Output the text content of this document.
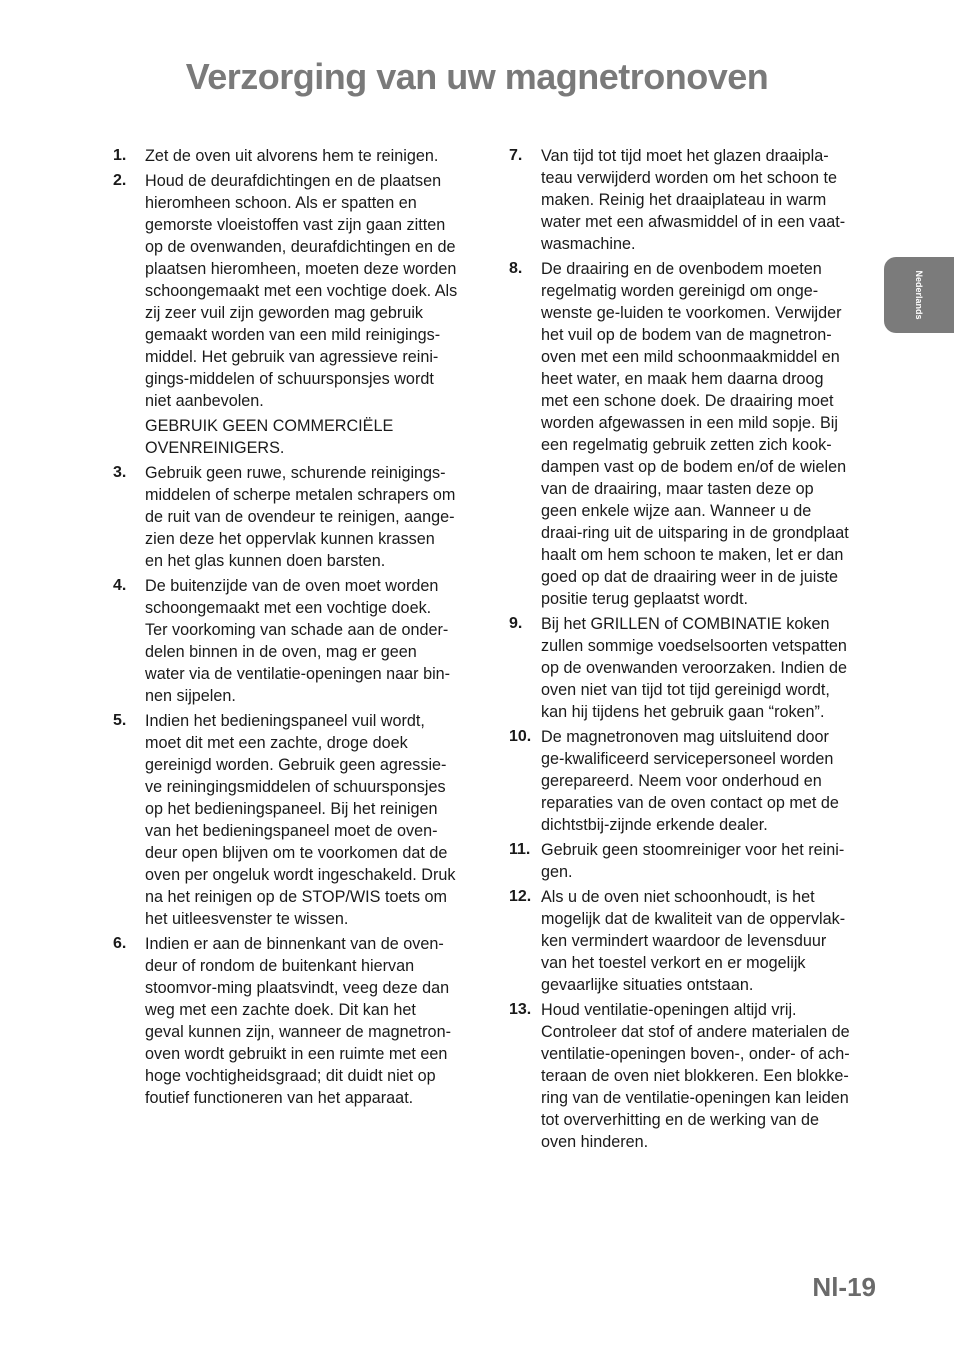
Verzorging van uw magnetronoven
1.	Zet de oven uit alvorens hem te reinigen.
2.	Houd de deurafdichtingen en de plaatsen
hieromheen schoon. Als er spatten en
gemorste vloeistoffen vast zijn gaan zitten
op de ovenwanden, deurafdichtingen en de
plaatsen hieromheen, moeten deze worden
schoongemaakt met een vochtige doek. Als
zij zeer vuil zijn geworden mag gebruik
gemaakt worden van een mild reinigings-
middel. Het gebruik van agressieve reini-
gings-middelen of schuursponsjes wordt
niet aanbevolen.
GEBRUIK GEEN COMMERCIËLE
OVENREINIGERS.
3.	Gebruik geen ruwe, schurende reinigings-
middelen of scherpe metalen schrapers om
de ruit van de ovendeur te reinigen, aange-
zien deze het oppervlak kunnen krassen
en het glas kunnen doen barsten.
4.	De buitenzijde van de oven moet worden
schoongemaakt met een vochtige doek.
Ter voorkoming van schade aan de onder-
delen binnen in de oven, mag er geen
water via de ventilatie-openingen naar bin-
nen sijpelen.
5.	Indien het bedieningspaneel vuil wordt,
moet dit met een zachte, droge doek
gereinigd worden. Gebruik geen agressie-
ve reiningingsmiddelen of schuursponsjes
op het bedieningspaneel. Bij het reinigen
van het bedieningspaneel moet de oven-
deur open blijven om te voorkomen dat de
oven per ongeluk wordt ingeschakeld. Druk
na het reinigen op de STOP/WIS toets om
het uitleesvenster te wissen.
6.	Indien er aan de binnenkant van de oven-
deur of rondom de buitenkant hiervan
stoomvor-ming plaatsvindt, veeg deze dan
weg met een zachte doek. Dit kan het
geval kunnen zijn, wanneer de magnetron-
oven wordt gebruikt in een ruimte met een
hoge vochtigheidsgraad; dit duidt niet op
foutief functioneren van het apparaat.
7.	Van tijd tot tijd moet het glazen draaipla-
teau verwijderd worden om het schoon te
maken. Reinig het draaiplateau in warm
water met een afwasmiddel of in een vaat-
wasmachine.
8.	De draairing en de ovenbodem moeten
regelmatig worden gereinigd om onge-
wenste ge-luiden te voorkomen. Verwijder
het vuil op de bodem van de magnetron-
oven met een mild schoonmaakmiddel en
heet water, en maak hem daarna droog
met een schone doek. De draairing moet
worden afgewassen in een mild sopje. Bij
een regelmatig gebruik zetten zich kook-
dampen vast op de bodem en/of de wielen
van de draairing, maar tasten deze op
geen enkele wijze aan. Wanneer u de
draai-ring uit de uitsparing in de grondplaat
haalt om hem schoon te maken, let er dan
goed op dat de draairing weer in de juiste
positie terug geplaatst wordt.
9.	Bij het GRILLEN of COMBINATIE koken
zullen sommige voedselsoorten vetspatten
op de ovenwanden veroorzaken. Indien de
oven niet van tijd tot tijd gereinigd wordt,
kan hij tijdens het gebruik gaan “roken”.
10. De magnetronoven mag uitsluitend door
ge-kwalificeerd servicepersoneel worden
gerepareerd. Neem voor onderhoud en
reparaties van de oven contact op met de
dichtstbij-zijnde erkende dealer.
11. Gebruik geen stoomreiniger voor het reini-
gen.
12. Als u de oven niet schoonhoudt, is het
mogelijk dat de kwaliteit van de oppervlak-
ken vermindert waardoor de levensduur
van het toestel verkort en er mogelijk
gevaarlijke situaties ontstaan.
13. Houd ventilatie-openingen altijd vrij.
Controleer dat stof of andere materialen de
ventilatie-openingen boven-, onder- of ach-
teraan de oven niet blokkeren. Een blokke-
ring van de ventilatie-openingen kan leiden
tot oververhitting en de werking van de
oven hinderen.
Nederlands
Nl-19
